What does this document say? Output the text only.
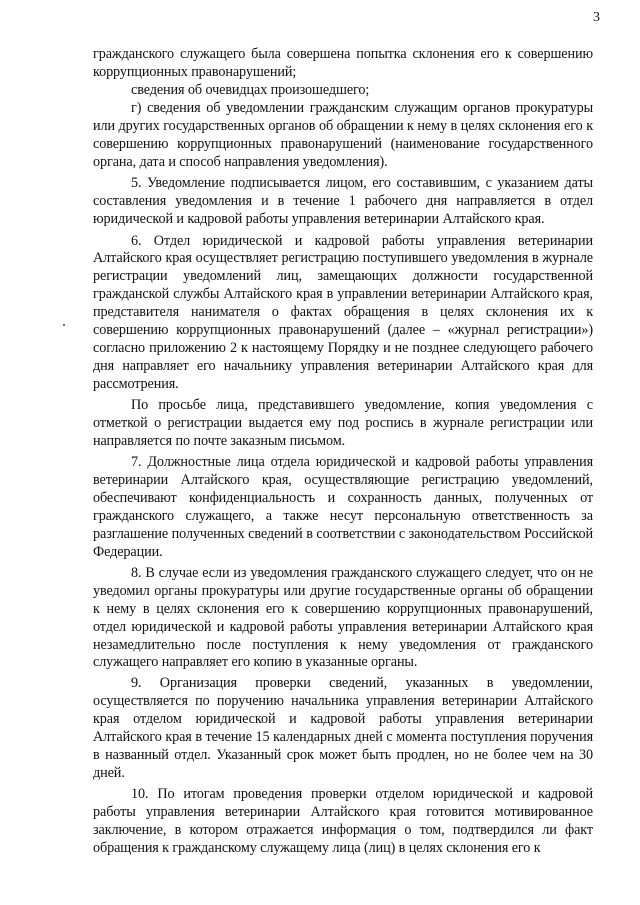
3

гражданского служащего была совершена попытка склонения его к совершению коррупционных правонарушений;

сведения об очевидцах произошедшего;

г) сведения об уведомлении гражданским служащим органов прокуратуры или других государственных органов об обращении к нему в целях склонения его к совершению коррупционных правонарушений (наименование государственного органа, дата и способ направления уведомления).

5. Уведомление подписывается лицом, его составившим, с указанием даты составления уведомления и в течение 1 рабочего дня направляется в отдел юридической и кадровой работы управления ветеринарии Алтайского края.

6. Отдел юридической и кадровой работы управления ветеринарии Алтайского края осуществляет регистрацию поступившего уведомления в журнале регистрации уведомлений лиц, замещающих должности государственной гражданской службы Алтайского края в управлении ветеринарии Алтайского края, представителя нанимателя о фактах обращения в целях склонения их к совершению коррупционных правонарушений (далее – «журнал регистрации») согласно приложению 2 к настоящему Порядку и не позднее следующего рабочего дня направляет его начальнику управления ветеринарии Алтайского края для рассмотрения.

По просьбе лица, представившего уведомление, копия уведомления с отметкой о регистрации выдается ему под роспись в журнале регистрации или направляется по почте заказным письмом.

7. Должностные лица отдела юридической и кадровой работы управления ветеринарии Алтайского края, осуществляющие регистрацию уведомлений, обеспечивают конфиденциальность и сохранность данных, полученных от гражданского служащего, а также несут персональную ответственность за разглашение полученных сведений в соответствии с законодательством Российской Федерации.

8. В случае если из уведомления гражданского служащего следует, что он не уведомил органы прокуратуры или другие государственные органы об обращении к нему в целях склонения его к совершению коррупционных правонарушений, отдел юридической и кадровой работы управления ветеринарии Алтайского края незамедлительно после поступления к нему уведомления от гражданского служащего направляет его копию в указанные органы.

9. Организация проверки сведений, указанных в уведомлении, осуществляется по поручению начальника управления ветеринарии Алтайского края отделом юридической и кадровой работы управления ветеринарии Алтайского края в течение 15 календарных дней с момента поступления поручения в названный отдел. Указанный срок может быть продлен, но не более чем на 30 дней.

10. По итогам проведения проверки отделом юридической и кадровой работы управления ветеринарии Алтайского края готовится мотивированное заключение, в котором отражается информация о том, подтвердился ли факт обращения к гражданскому служащему лица (лиц) в целях склонения его к
